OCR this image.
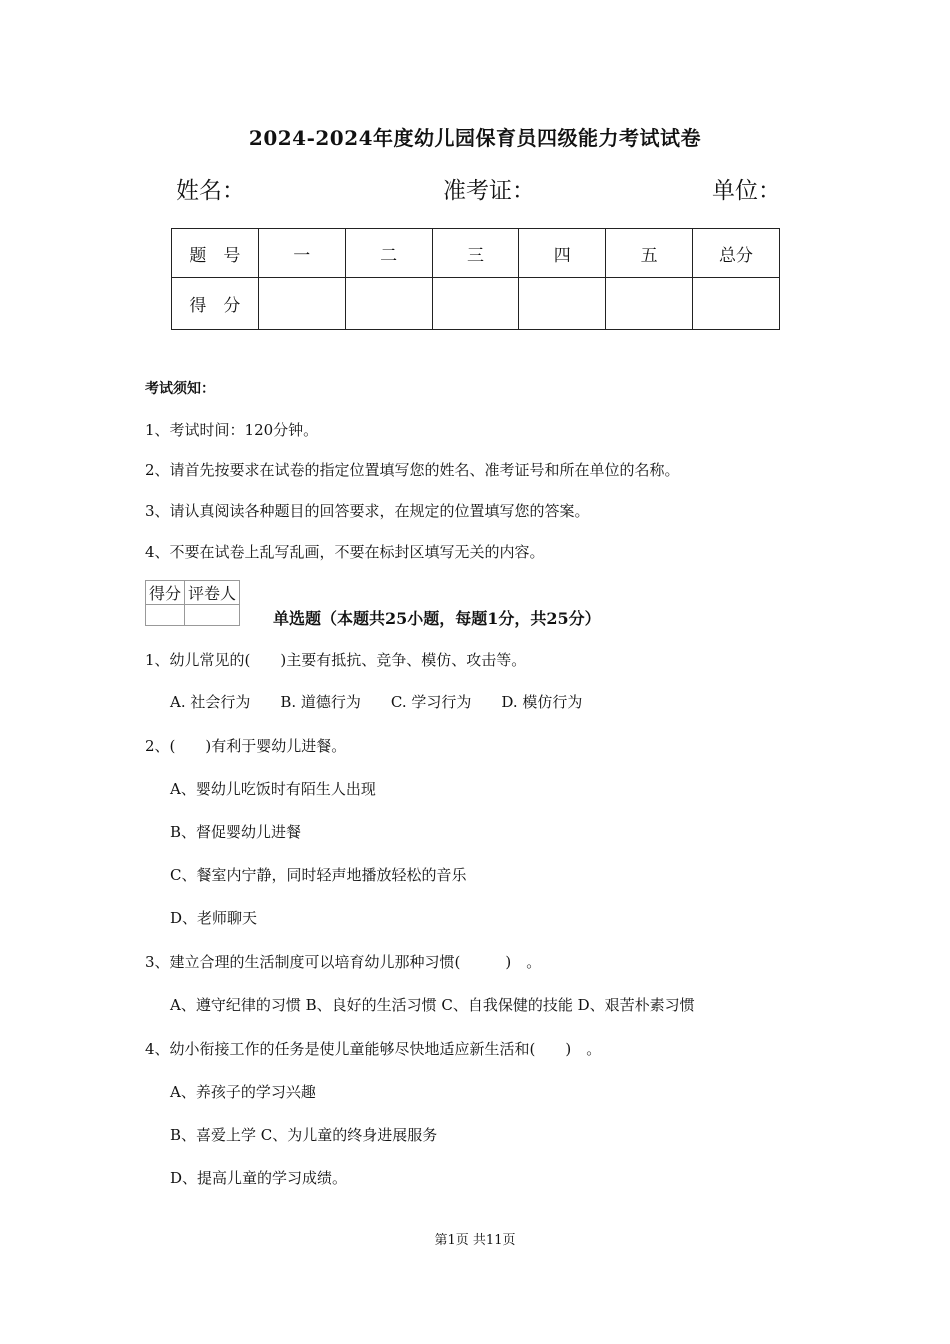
2024-2024年度幼儿园保育员四级能力考试试卷
姓名：	准考证：	单位：
题　号	一	二	三	四	五	总分
得　分						
考试须知：
1、考试时间：120分钟。
2、请首先按要求在试卷的指定位置填写您的姓名、准考证号和所在单位的名称。
3、请认真阅读各种题目的回答要求，在规定的位置填写您的答案。
4、不要在试卷上乱写乱画，不要在标封区填写无关的内容。
得分	评卷人

单选题（本题共25小题，每题1分，共25分）
1、幼儿常见的(　　)主要有抵抗、竞争、模仿、攻击等。
A. 社会行为　　B. 道德行为　　C. 学习行为　　D. 模仿行为
2、(　　)有利于婴幼儿进餐。
A、婴幼儿吃饭时有陌生人出现
B、督促婴幼儿进餐
C、餐室内宁静，同时轻声地播放轻松的音乐
D、老师聊天
3、建立合理的生活制度可以培育幼儿那种习惯(　　　)　。
A、遵守纪律的习惯 B、良好的生活习惯 C、自我保健的技能 D、艰苦朴素习惯
4、幼小衔接工作的任务是使儿童能够尽快地适应新生活和(　　)　。
A、养孩子的学习兴趣
B、喜爱上学 C、为儿童的终身进展服务
D、提高儿童的学习成绩。
第1页 共11页
